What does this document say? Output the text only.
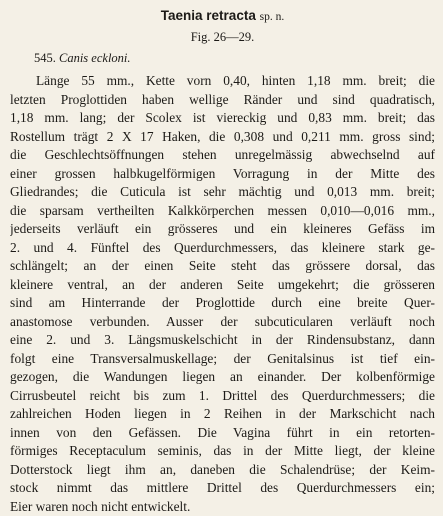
Taenia retracta sp. n.
Fig. 26—29.
545. Canis eckloni.
Länge 55 mm., Kette vorn 0,40, hinten 1,18 mm. breit; die
letzten Proglottiden haben wellige Ränder und sind quadratisch,
1,18 mm. lang; der Scolex ist viereckig und 0,83 mm. breit; das
Rostellum trägt 2 X 17 Haken, die 0,308 und 0,211 mm. gross sind;
die Geschlechtsöffnungen stehen unregelmässig abwechselnd auf
einer grossen halbkugelförmigen Vorragung in der Mitte des
Gliedrandes; die Cuticula ist sehr mächtig und 0,013 mm. breit;
die sparsam vertheilten Kalkkörperchen messen 0,010—0,016 mm.,
jederseits verläuft ein grösseres und ein kleineres Gefäss im
2. und 4. Fünftel des Querdurchmessers, das kleinere stark ge-
schlängelt; an der einen Seite steht das grössere dorsal, das
kleinere ventral, an der anderen Seite umgekehrt; die grösseren
sind am Hinterrande der Proglottide durch eine breite Quer-
anastomose verbunden. Ausser der subcuticularen verläuft noch
eine 2. und 3. Längsmuskelschicht in der Rindensubstanz, dann
folgt eine Transversalmuskellage; der Genitalsinus ist tief ein-
gezogen, die Wandungen liegen an einander. Der kolbenförmige
Cirrusbeutel reicht bis zum 1. Drittel des Querdurchmessers; die
zahlreichen Hoden liegen in 2 Reihen in der Markschicht nach
innen von den Gefässen. Die Vagina führt in ein retorten-
förmiges Receptaculum seminis, das in der Mitte liegt, der kleine
Dotterstock liegt ihm an, daneben die Schalendrüse; der Keim-
stock nimmt das mittlere Drittel des Querdurchmessers ein;
Eier waren noch nicht entwickelt.
